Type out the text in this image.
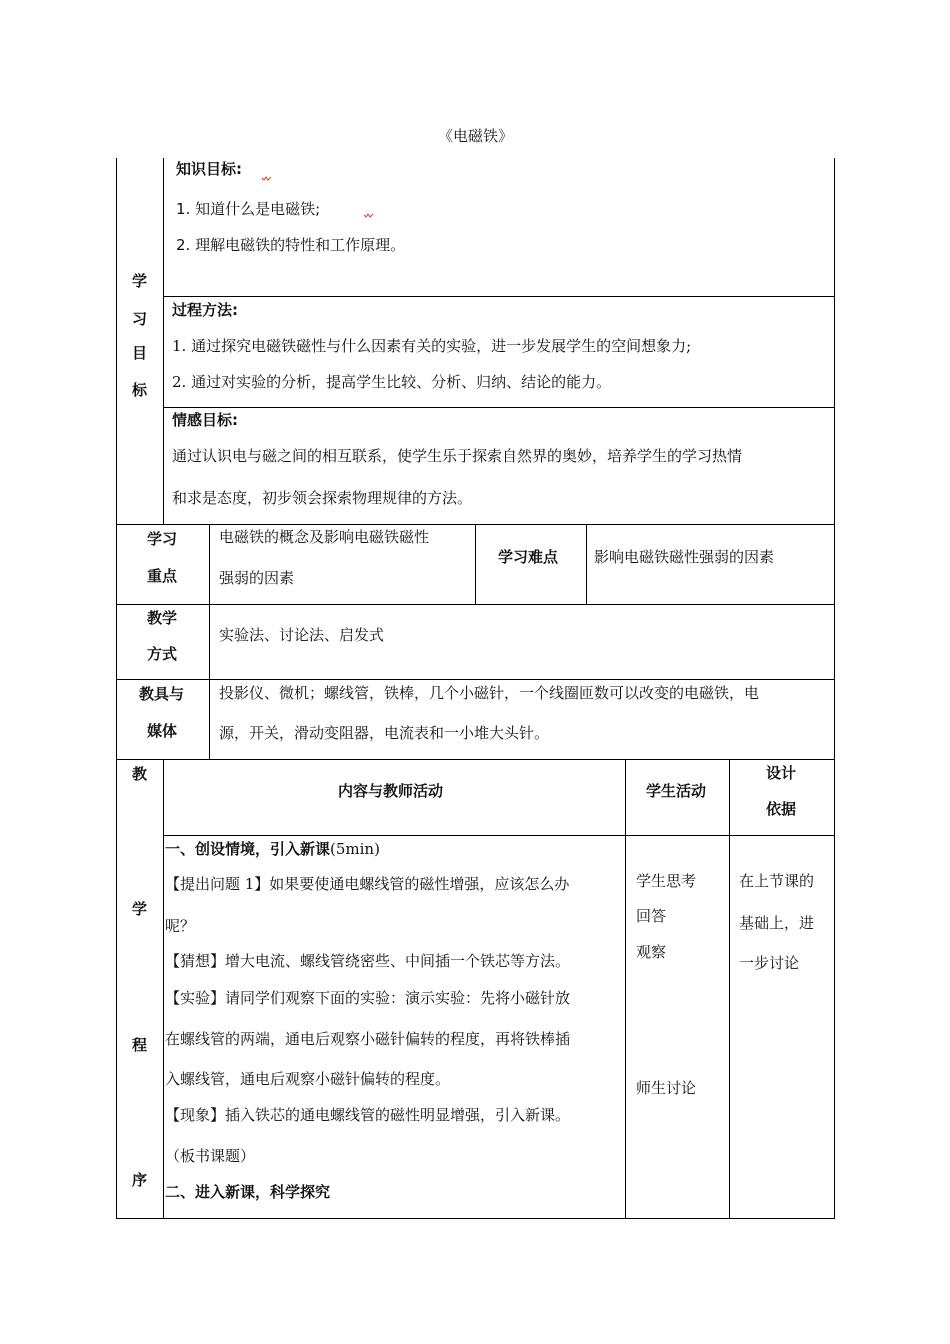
《电磁铁》
学
习
目
标
知识目标:
1. 知道什么是电磁铁;
2. 理解电磁铁的特性和工作原理。
过程方法:
1. 通过探究电磁铁磁性与什么因素有关的实验，进一步发展学生的空间想象力;
2. 通过对实验的分析，提高学生比较、分析、归纳、结论的能力。
情感目标:
通过认识电与磁之间的相互联系，使学生乐于探索自然界的奥妙，培养学生的学习热情
和求是态度，初步领会探索物理规律的方法。
学习
重点
电磁铁的概念及影响电磁铁磁性
强弱的因素
学习难点 影响电磁铁磁性强弱的因素
教学
方式
实验法、讨论法、启发式
教具与
媒体
投影仪、微机；螺线管，铁棒，几个小磁针，一个线圈匝数可以改变的电磁铁，电
源，开关，滑动变阻器，电流表和一小堆大头针。
教
学
程
序
内容与教师活动	学生活动
设计
依据
一、创设情境，引入新课(5min)
【提出问题 1】如果要使通电螺线管的磁性增强，应该怎么办
呢？
【猜想】增大电流、螺线管绕密些、中间插一个铁芯等方法。
【实验】请同学们观察下面的实验：演示实验：先将小磁针放
在螺线管的两端，通电后观察小磁针偏转的程度，再将铁棒插
入螺线管，通电后观察小磁针偏转的程度。
【现象】插入铁芯的通电螺线管的磁性明显增强，引入新课。
（板书课题）
二、进入新课，科学探究
学生思考
回答
观察
师生讨论
在上节课的
基础上，进
一步讨论
